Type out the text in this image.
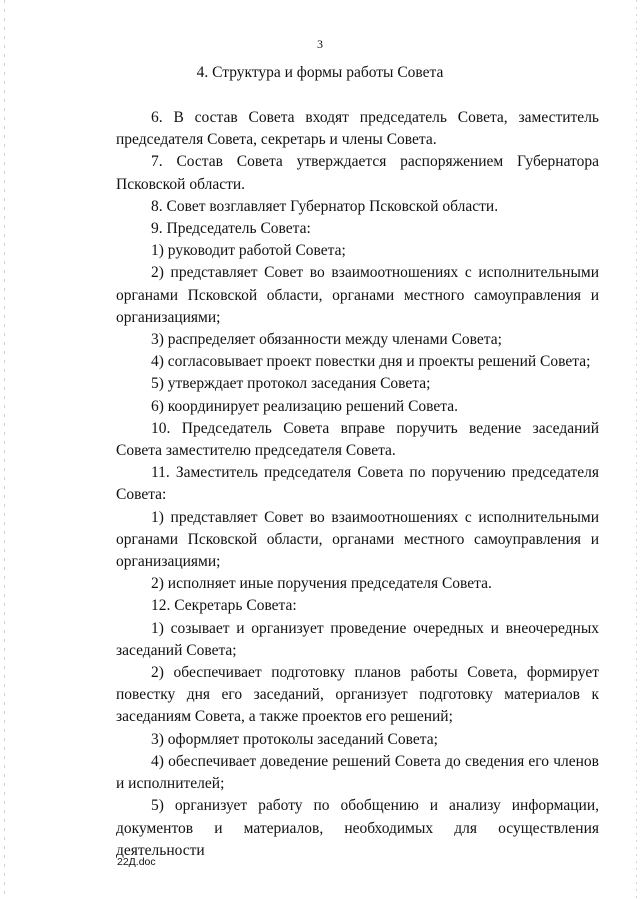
3
4. Структура и формы работы Совета

6. В состав Совета входят председатель Совета, заместитель председателя Совета, секретарь и члены Совета.

7. Состав Совета утверждается распоряжением Губернатора Псковской области.

8. Совет возглавляет Губернатор Псковской области.

9. Председатель Совета:

1) руководит работой Совета;

2) представляет Совет во взаимоотношениях с исполнительными органами Псковской области, органами местного самоуправления и организациями;

3) распределяет обязанности между членами Совета;

4) согласовывает проект повестки дня и проекты решений Совета;

5) утверждает протокол заседания Совета;

6) координирует реализацию решений Совета.

10. Председатель Совета вправе поручить ведение заседаний Совета заместителю председателя Совета.

11. Заместитель председателя Совета по поручению председателя Совета:

1) представляет Совет во взаимоотношениях с исполнительными органами Псковской области, органами местного самоуправления и организациями;

2) исполняет иные поручения председателя Совета.

12. Секретарь Совета:

1) созывает и организует проведение очередных и внеочередных заседаний Совета;

2) обеспечивает подготовку планов работы Совета, формирует повестку дня его заседаний, организует подготовку материалов к заседаниям Совета, а также проектов его решений;

3) оформляет протоколы заседаний Совета;

4) обеспечивает доведение решений Совета до сведения его членов и исполнителей;

5) организует работу по обобщению и анализу информации, документов и материалов, необходимых для осуществления деятельности

22Д.doc
